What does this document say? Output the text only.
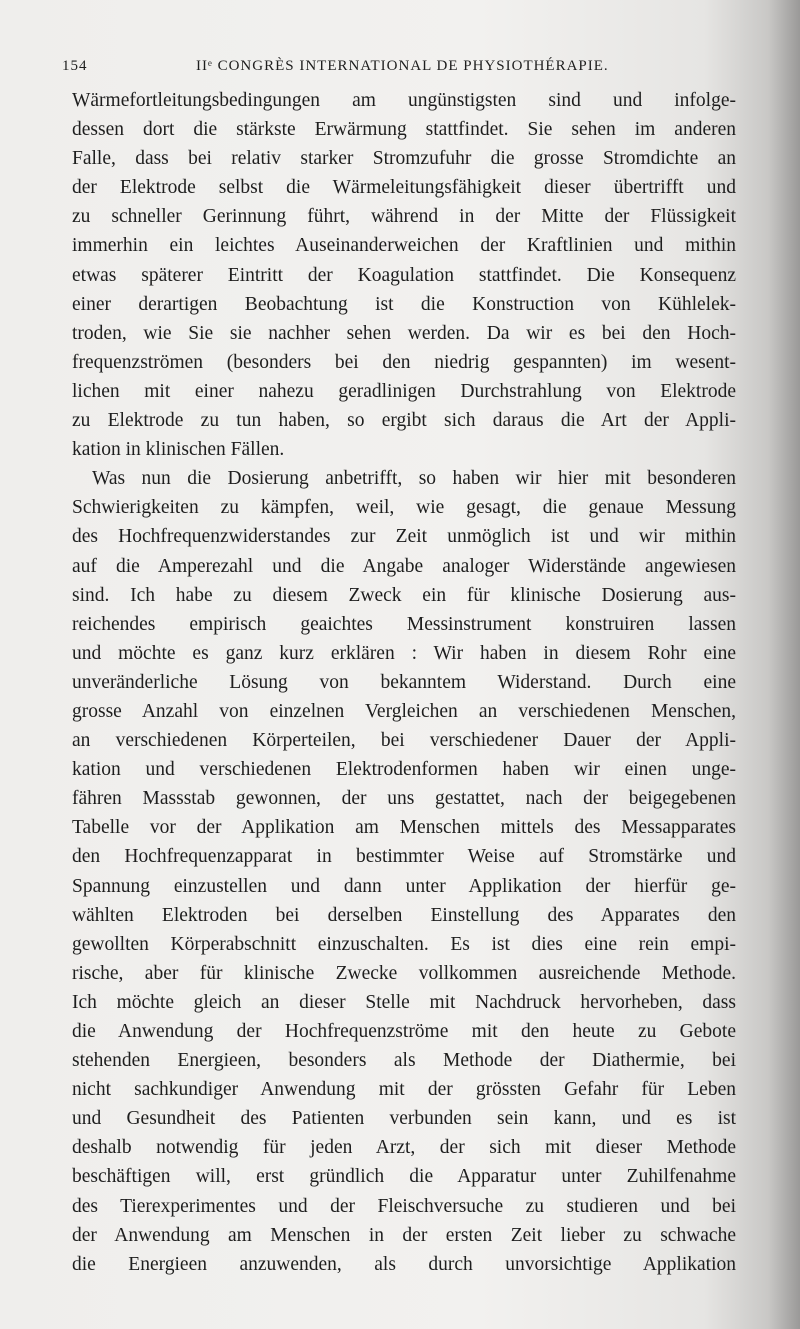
154	IIᵉ CONGRÈS INTERNATIONAL DE PHYSIOTHÉRAPIE.
Wärmefortleitungsbedingungen am ungünstigsten sind und infolge-
dessen dort die stärkste Erwärmung stattfindet. Sie sehen im anderen
Falle, dass bei relativ starker Stromzufuhr die grosse Stromdichte an
der Elektrode selbst die Wärmeleitungsfähigkeit dieser übertrifft und
zu schneller Gerinnung führt, während in der Mitte der Flüssigkeit
immerhin ein leichtes Auseinanderweichen der Kraftlinien und mithin
etwas späterer Eintritt der Koagulation stattfindet. Die Konsequenz
einer derartigen Beobachtung ist die Konstruction von Kühlelek-
troden, wie Sie sie nachher sehen werden. Da wir es bei den Hoch-
frequenzströmen (besonders bei den niedrig gespannten) im wesent-
lichen mit einer nahezu geradlinigen Durchstrahlung von Elektrode
zu Elektrode zu tun haben, so ergibt sich daraus die Art der Appli-
kation in klinischen Fällen.
Was nun die Dosierung anbetrifft, so haben wir hier mit besonderen
Schwierigkeiten zu kämpfen, weil, wie gesagt, die genaue Messung
des Hochfrequenzwiderstandes zur Zeit unmöglich ist und wir mithin
auf die Amperezahl und die Angabe analoger Widerstände angewiesen
sind. Ich habe zu diesem Zweck ein für klinische Dosierung aus-
reichendes empirisch geaichtes Messinstrument konstruiren lassen
und möchte es ganz kurz erklären : Wir haben in diesem Rohr eine
unveränderliche Lösung von bekanntem Widerstand. Durch eine
grosse Anzahl von einzelnen Vergleichen an verschiedenen Menschen,
an verschiedenen Körperteilen, bei verschiedener Dauer der Appli-
kation und verschiedenen Elektrodenformen haben wir einen unge-
fähren Massstab gewonnen, der uns gestattet, nach der beigegebenen
Tabelle vor der Applikation am Menschen mittels des Messapparates
den Hochfrequenzapparat in bestimmter Weise auf Stromstärke und
Spannung einzustellen und dann unter Applikation der hierfür ge-
wählten Elektroden bei derselben Einstellung des Apparates den
gewollten Körperabschnitt einzuschalten. Es ist dies eine rein empi-
rische, aber für klinische Zwecke vollkommen ausreichende Methode.
Ich möchte gleich an dieser Stelle mit Nachdruck hervorheben, dass
die Anwendung der Hochfrequenzströme mit den heute zu Gebote
stehenden Energieen, besonders als Methode der Diathermie, bei
nicht sachkundiger Anwendung mit der grössten Gefahr für Leben
und Gesundheit des Patienten verbunden sein kann, und es ist
deshalb notwendig für jeden Arzt, der sich mit dieser Methode
beschäftigen will, erst gründlich die Apparatur unter Zuhilfenahme
des Tierexperimentes und der Fleischversuche zu studieren und bei
der Anwendung am Menschen in der ersten Zeit lieber zu schwache
die Energieen anzuwenden, als durch unvorsichtige Applikation
